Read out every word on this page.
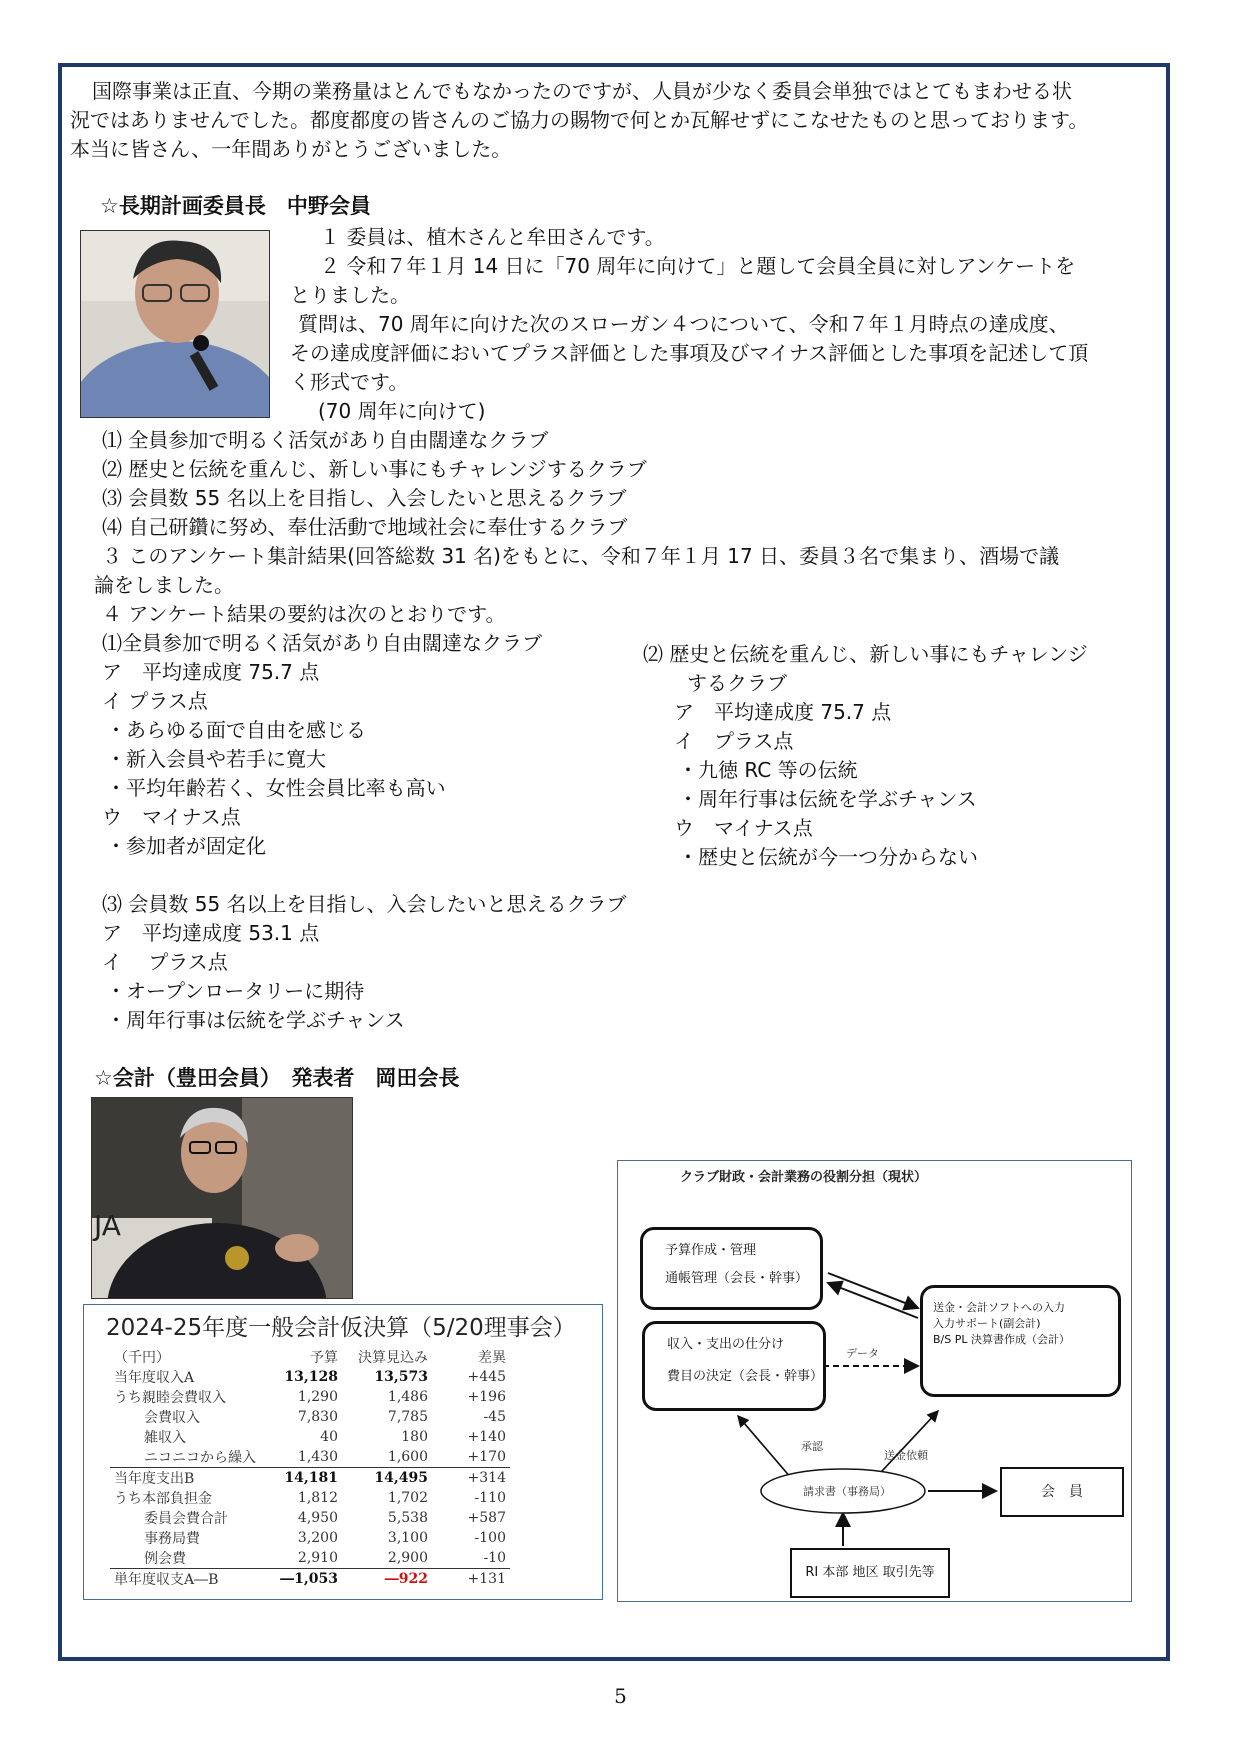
国際事業は正直、今期の業務量はとんでもなかったのですが、人員が少なく委員会単独ではとてもまわせる状
況ではありませんでした。都度都度の皆さんのご協力の賜物で何とか瓦解せずにこなせたものと思っております。
本当に皆さん、一年間ありがとうございました。
☆長期計画委員長　中野会員
１ 委員は、植木さんと牟田さんです。
２ 令和７年１月 14 日に「70 周年に向けて」と題して会員全員に対しアンケートを
とりました。
質問は、70 周年に向けた次のスローガン４つについて、令和７年１月時点の達成度、
その達成度評価においてプラス評価とした事項及びマイナス評価とした事項を記述して頂
く形式です。
(70 周年に向けて)
⑴ 全員参加で明るく活気があり自由闊達なクラブ
⑵ 歴史と伝統を重んじ、新しい事にもチャレンジするクラブ
⑶ 会員数 55 名以上を目指し、入会したいと思えるクラブ
⑷ 自己研鑽に努め、奉仕活動で地域社会に奉仕するクラブ
３ このアンケート集計結果(回答総数 31 名)をもとに、令和７年１月 17 日、委員３名で集まり、酒場で議
論をしました。
４ アンケート結果の要約は次のとおりです。
⑴全員参加で明るく活気があり自由闊達なクラブ
ア　平均達成度 75.7 点
イ プラス点
・あらゆる面で自由を感じる
・新入会員や若手に寛大
・平均年齢若く、女性会員比率も高い
ウ　マイナス点
・参加者が固定化
⑵ 歴史と伝統を重んじ、新しい事にもチャレンジ
するクラブ
ア　平均達成度 75.7 点
イ　プラス点
・九徳 RC 等の伝統
・周年行事は伝統を学ぶチャンス
ウ　マイナス点
・歴史と伝統が今一つ分からない
⑶ 会員数 55 名以上を目指し、入会したいと思えるクラブ
ア　平均達成度 53.1 点
イ　 プラス点
・オープンロータリーに期待
・周年行事は伝統を学ぶチャンス
☆会計（豊田会員）　発表者　岡田会長
JA
2024-25年度一般会計仮決算（5/20理事会）
（千円）	予算	決算見込み	差異
当年度収入A	13,128	13,573	+445
うち親睦会費収入	1,290	1,486	+196
会費収入	7,830	7,785	-45
雑収入	40	180	+140
ニコニコから繰入	1,430	1,600	+170
当年度支出B	14,181	14,495	+314
うち本部負担金	1,812	1,702	-110
委員会費合計	4,950	5,538	+587
事務局費	3,200	3,100	-100
例会費	2,910	2,900	-10
単年度収支A―B	―1,053	―922	+131
クラブ財政・会計業務の役割分担（現状）
予算作成・管理
通帳管理（会長・幹事）
収入・支出の仕分け
費目の決定（会長・幹事）
送金・会計ソフトへの入力
入力サポート(副会計)
B/S PL 決算書作成（会計）
データ
承認
送金依頼
請求書（事務局）	会　員
RI 本部 地区 取引先等
5
